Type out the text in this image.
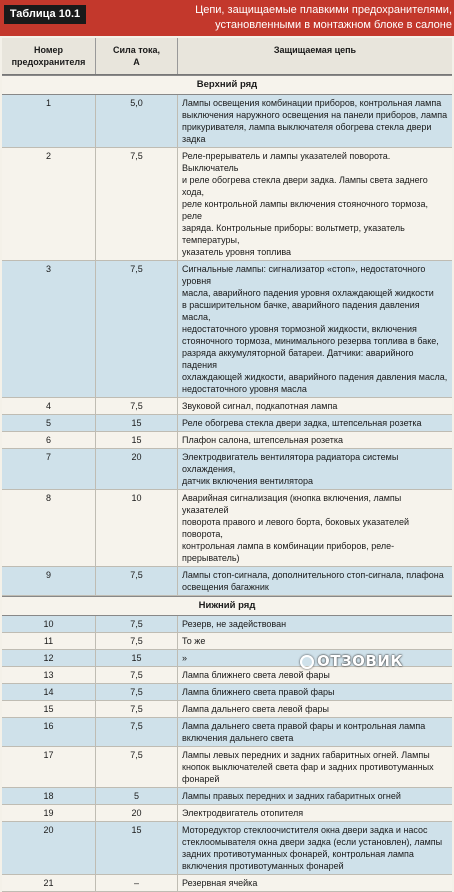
Таблица 10.1	Цепи, защищаемые плавкими предохранителями,
установленными в монтажном блоке в салоне
Номер
предохранителя
Сила тока,
А
Защищаемая цепь
Верхний ряд
1	5,0	Лампы освещения комбинации приборов, контрольная лампа
выключения наружного освещения на панели приборов, лампа
прикуривателя, лампа выключателя обогрева стекла двери задка
2	7,5	Реле-прерыватель и лампы указателей поворота. Выключатель
и реле обогрева стекла двери задка. Лампы света заднего хода,
реле контрольной лампы включения стояночного тормоза, реле
заряда. Контрольные приборы: вольтметр, указатель температуры,
указатель уровня топлива
3	7,5	Сигнальные лампы: сигнализатор «стоп», недостаточного уровня
масла, аварийного падения уровня охлаждающей жидкости
в расширительном бачке, аварийного падения давления масла,
недостаточного уровня тормозной жидкости, включения
стояночного тормоза, минимального резерва топлива в баке,
разряда аккумуляторной батареи. Датчики: аварийного падения
охлаждающей жидкости, аварийного падения давления масла,
недостаточного уровня масла
4	7,5	Звуковой сигнал, подкапотная лампа
5	15	Реле обогрева стекла двери задка, штепсельная розетка
6	15	Плафон салона, штепсельная розетка
7	20	Электродвигатель вентилятора радиатора системы охлаждения,
датчик включения вентилятора
8	10	Аварийная сигнализация (кнопка включения, лампы указателей
поворота правого и левого борта, боковых указателей поворота,
контрольная лампа в комбинации приборов, реле-прерыватель)
9	7,5	Лампы стоп-сигнала, дополнительного стоп-сигнала, плафона
освещения багажник
Нижний ряд
10	7,5	Резерв, не задействован
11	7,5	То же
12	15	»
13	7,5	Лампа ближнего света левой фары
14	7,5	Лампа ближнего света правой фары
15	7,5	Лампа дальнего света левой фары
16	7,5	Лампа дальнего света правой фары и контрольная лампа
включения дальнего света
17	7,5	Лампы левых передних и задних габаритных огней. Лампы
кнопок выключателей света фар и задних противотуманных фонарей
18	5	Лампы правых передних и задних габаритных огней
19	20	Электродвигатель отопителя
20	15	Моторедуктор стеклоочистителя окна двери задка и насос
стеклоомывателя окна двери задка (если установлен), лампы
задних противотуманных фонарей, контрольная лампа
включения противотуманных фонарей
21	–	Резервная ячейка
ОТЗОВИК
